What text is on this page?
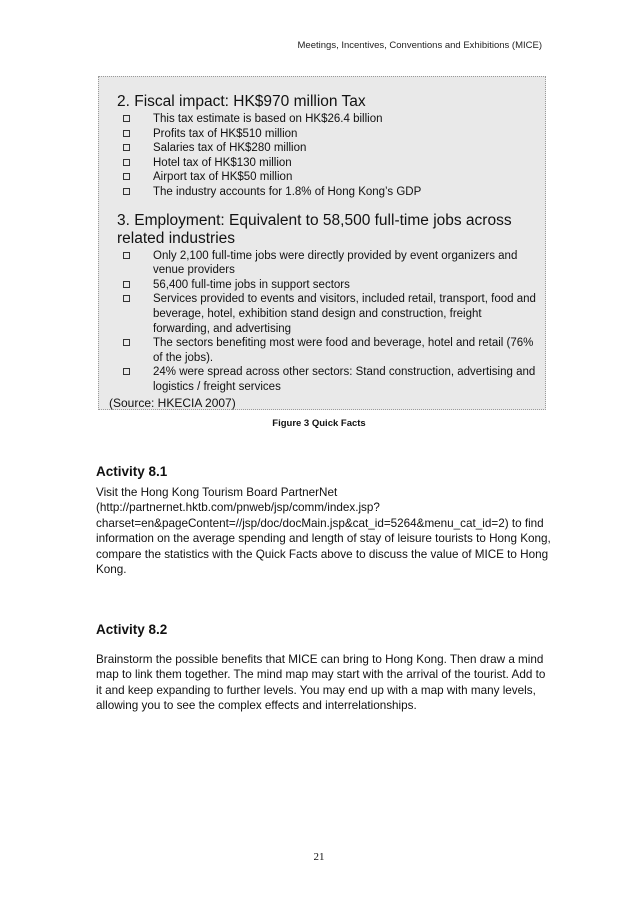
Meetings, Incentives, Conventions and Exhibitions (MICE)

2. Fiscal impact: HK$970 million Tax

This tax estimate is based on HK$26.4 billion
Profits tax of HK$510 million
Salaries tax of HK$280 million
Hotel tax of HK$130 million
Airport tax of HK$50 million
The industry accounts for 1.8% of Hong Kong’s GDP

3. Employment: Equivalent to 58,500 full-time jobs across related industries

Only 2,100 full-time jobs were directly provided by event organizers and venue providers
56,400 full-time jobs in support sectors
Services provided to events and visitors, included retail, transport, food and beverage, hotel, exhibition stand design and construction, freight forwarding, and advertising
The sectors benefiting most were food and beverage, hotel and retail (76% of the jobs).
24% were spread across other sectors: Stand construction, advertising and logistics / freight services
(Source: HKECIA 2007)
Figure 3 Quick Facts
Activity 8.1

Visit the Hong Kong Tourism Board PartnerNet (http://partnernet.hktb.com/pnweb/jsp/comm/index.jsp?charset=en&pageContent=//jsp/doc/docMain.jsp&cat_id=5264&menu_cat_id=2) to find information on the average spending and length of stay of leisure tourists to Hong Kong, compare the statistics with the Quick Facts above to discuss the value of MICE to Hong Kong.

Activity 8.2

Brainstorm the possible benefits that MICE can bring to Hong Kong. Then draw a mind map to link them together. The mind map may start with the arrival of the tourist. Add to it and keep expanding to further levels. You may end up with a map with many levels, allowing you to see the complex effects and interrelationships.

21
